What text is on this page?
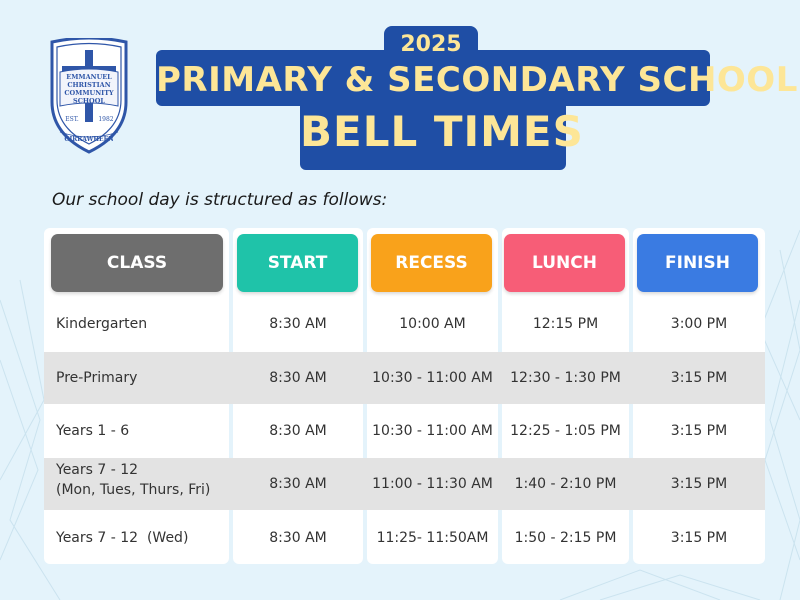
EMMANUEL
CHRISTIAN
COMMUNITY
SCHOOL
EST.	1982
GIRRAWHEEN
2025
PRIMARY & SECONDARY SCHOOL
BELL TIMES
Our school day is structured as follows:
CLASS	START	RECESS	LUNCH	FINISH
Kindergarten	8:30 AM	10:00 AM	12:15 PM	3:00 PM
Pre-Primary	8:30 AM	10:30 - 11:00 AM	12:30 - 1:30 PM	3:15 PM
Years 1 - 6	8:30 AM	10:30 - 11:00 AM	12:25 - 1:05 PM	3:15 PM
Years 7 - 12
(Mon, Tues, Thurs, Fri)	8:30 AM	11:00 - 11:30 AM	1:40 - 2:10 PM	3:15 PM
Years 7 - 12  (Wed)	8:30 AM	11:25- 11:50AM	1:50 - 2:15 PM	3:15 PM
